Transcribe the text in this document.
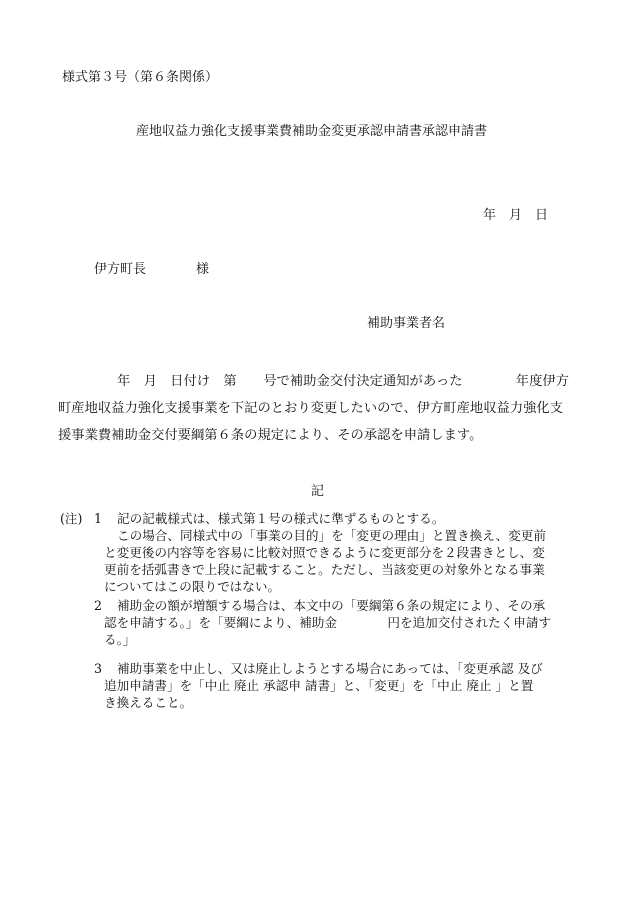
様式第３号（第６条関係）
産地収益力強化支援事業費補助金変更承認申請書承認申請書
年　月　日
伊方町長	様
補助事業者名

年　月　日付け　第　　号で補助金交付決定通知があった　　　　年度伊方

町産地収益力強化支援事業を下記のとおり変更したいので、伊方町産地収益力強化支

援事業費補助金交付要綱第６条の規定により、その承認を申請します。

記
(注) 1 記の記載様式は、様式第１号の様式に準ずるものとする。
この場合、同様式中の「事業の目的」を「変更の理由」と置き換え、変更前
と変更後の内容等を容易に比較対照できるように変更部分を２段書きとし、変
更前を括弧書きで上段に記載すること。ただし、当該変更の対象外となる事業
についてはこの限りではない。
2 補助金の額が増額する場合は、本文中の「要綱第６条の規定により、その承
認を申請する。」を「要綱により、補助金　　　　円を追加交付されたく申請す
る。」
3 補助事業を中止し、又は廃止しようとする場合にあっては、「変更承認 及び
追加申請書」を「中止 廃止 承認申 請書」と、「変更」を「中止 廃止 」と置
き換えること。
